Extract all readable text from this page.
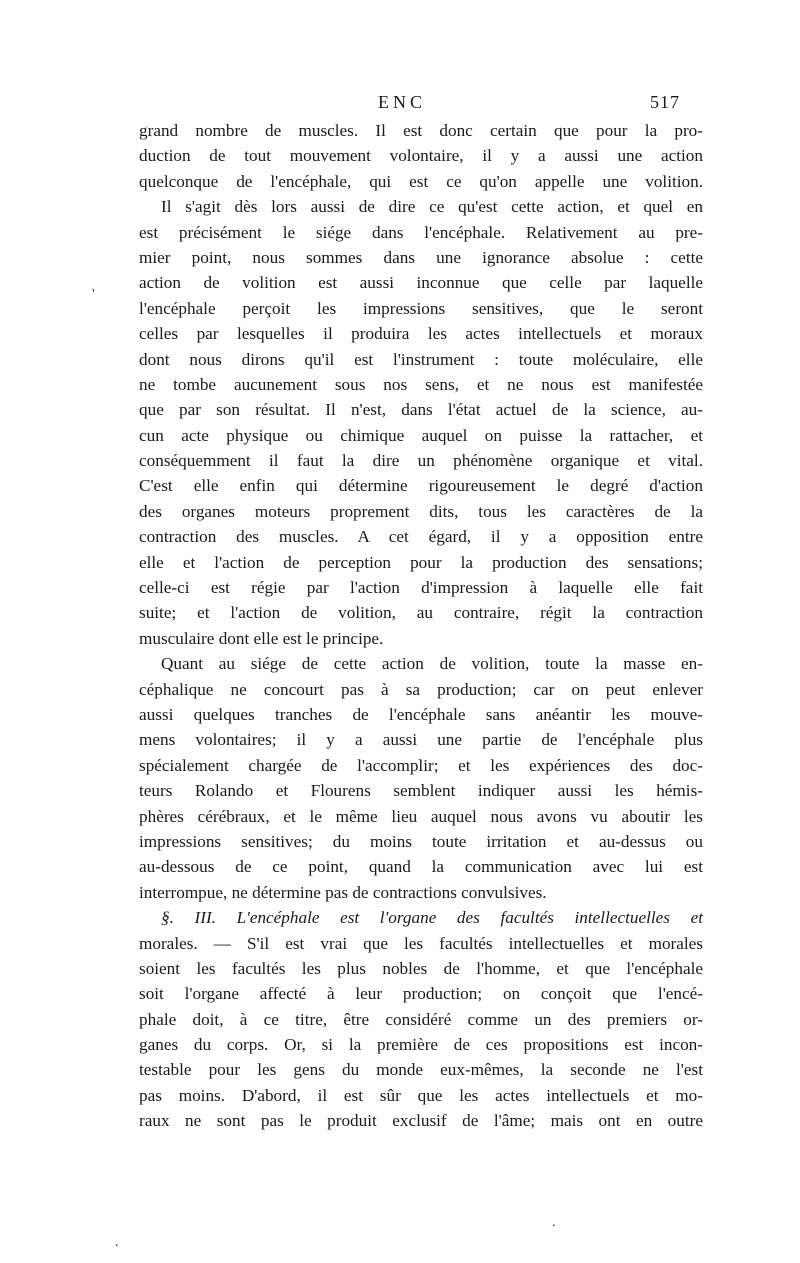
ENC	517
'
.
.
grand nombre de muscles. Il est donc certain que pour la pro-
duction de tout mouvement volontaire, il y a aussi une action
quelconque de l'encéphale, qui est ce qu'on appelle une volition.
Il s'agit dès lors aussi de dire ce qu'est cette action, et quel en
est précisément le siége dans l'encéphale. Relativement au pre-
mier point, nous sommes dans une ignorance absolue : cette
action de volition est aussi inconnue que celle par laquelle
l'encéphale perçoit les impressions sensitives, que le seront
celles par lesquelles il produira les actes intellectuels et moraux
dont nous dirons qu'il est l'instrument : toute moléculaire, elle
ne tombe aucunement sous nos sens, et ne nous est manifestée
que par son résultat. Il n'est, dans l'état actuel de la science, au-
cun acte physique ou chimique auquel on puisse la rattacher, et
conséquemment il faut la dire un phénomène organique et vital.
C'est elle enfin qui détermine rigoureusement le degré d'action
des organes moteurs proprement dits, tous les caractères de la
contraction des muscles. A cet égard, il y a opposition entre
elle et l'action de perception pour la production des sensations;
celle-ci est régie par l'action d'impression à laquelle elle fait
suite; et l'action de volition, au contraire, régit la contraction
musculaire dont elle est le principe.
Quant au siége de cette action de volition, toute la masse en-
céphalique ne concourt pas à sa production; car on peut enlever
aussi quelques tranches de l'encéphale sans anéantir les mouve-
mens volontaires; il y a aussi une partie de l'encéphale plus
spécialement chargée de l'accomplir; et les expériences des doc-
teurs Rolando et Flourens semblent indiquer aussi les hémis-
phères cérébraux, et le même lieu auquel nous avons vu aboutir les
impressions sensitives; du moins toute irritation et au-dessus ou
au-dessous de ce point, quand la communication avec lui est
interrompue, ne détermine pas de contractions convulsives.
§. III. L'encéphale est l'organe des facultés intellectuelles et
morales. — S'il est vrai que les facultés intellectuelles et morales
soient les facultés les plus nobles de l'homme, et que l'encéphale
soit l'organe affecté à leur production; on conçoit que l'encé-
phale doit, à ce titre, être considéré comme un des premiers or-
ganes du corps. Or, si la première de ces propositions est incon-
testable pour les gens du monde eux-mêmes, la seconde ne l'est
pas moins. D'abord, il est sûr que les actes intellectuels et mo-
raux ne sont pas le produit exclusif de l'âme; mais ont en outre
